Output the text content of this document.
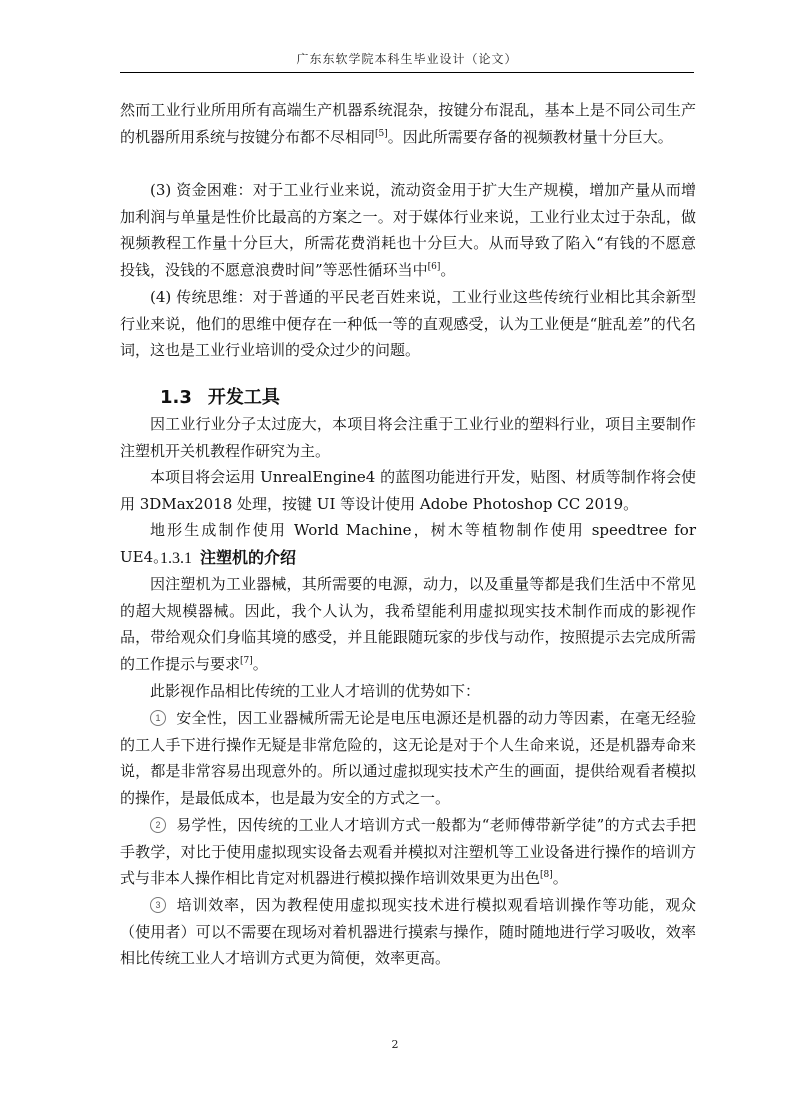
广东东软学院本科生毕业设计（论文）

然而工业行业所用所有高端生产机器系统混杂，按键分布混乱，基本上是不同公司生产的机器所用系统与按键分布都不尽相同[5]。因此所需要存备的视频教材量十分巨大。

(3) 资金困难：对于工业行业来说，流动资金用于扩大生产规模，增加产量从而增加利润与单量是性价比最高的方案之一。对于媒体行业来说，工业行业太过于杂乱，做视频教程工作量十分巨大，所需花费消耗也十分巨大。从而导致了陷入“有钱的不愿意投钱，没钱的不愿意浪费时间”等恶性循环当中[6]。

(4) 传统思维：对于普通的平民老百姓来说，工业行业这些传统行业相比其余新型行业来说，他们的思维中便存在一种低一等的直观感受，认为工业便是“脏乱差”的代名词，这也是工业行业培训的受众过少的问题。

1.3 开发工具

因工业行业分子太过庞大，本项目将会注重于工业行业的塑料行业，项目主要制作注塑机开关机教程作研究为主。

本项目将会运用 UnrealEngine4 的蓝图功能进行开发，贴图、材质等制作将会使用 3DMax2018 处理，按键 UI 等设计使用 Adobe Photoshop CC 2019。

地形生成制作使用 World Machine，树木等植物制作使用 speedtree for UE4。

1.3.1 注塑机的介绍

因注塑机为工业器械，其所需要的电源，动力，以及重量等都是我们生活中不常见的超大规模器械。因此，我个人认为，我希望能利用虚拟现实技术制作而成的影视作品，带给观众们身临其境的感受，并且能跟随玩家的步伐与动作，按照提示去完成所需的工作提示与要求[7]。

此影视作品相比传统的工业人才培训的优势如下：

1 安全性，因工业器械所需无论是电压电源还是机器的动力等因素，在毫无经验的工人手下进行操作无疑是非常危险的，这无论是对于个人生命来说，还是机器寿命来说，都是非常容易出现意外的。所以通过虚拟现实技术产生的画面，提供给观看者模拟的操作，是最低成本，也是最为安全的方式之一。

2 易学性，因传统的工业人才培训方式一般都为“老师傅带新学徒”的方式去手把手教学，对比于使用虚拟现实设备去观看并模拟对注塑机等工业设备进行操作的培训方式与非本人操作相比肯定对机器进行模拟操作培训效果更为出色[8]。

3 培训效率，因为教程使用虚拟现实技术进行模拟观看培训操作等功能，观众（使用者）可以不需要在现场对着机器进行摸索与操作，随时随地进行学习吸收，效率相比传统工业人才培训方式更为简便，效率更高。

2
